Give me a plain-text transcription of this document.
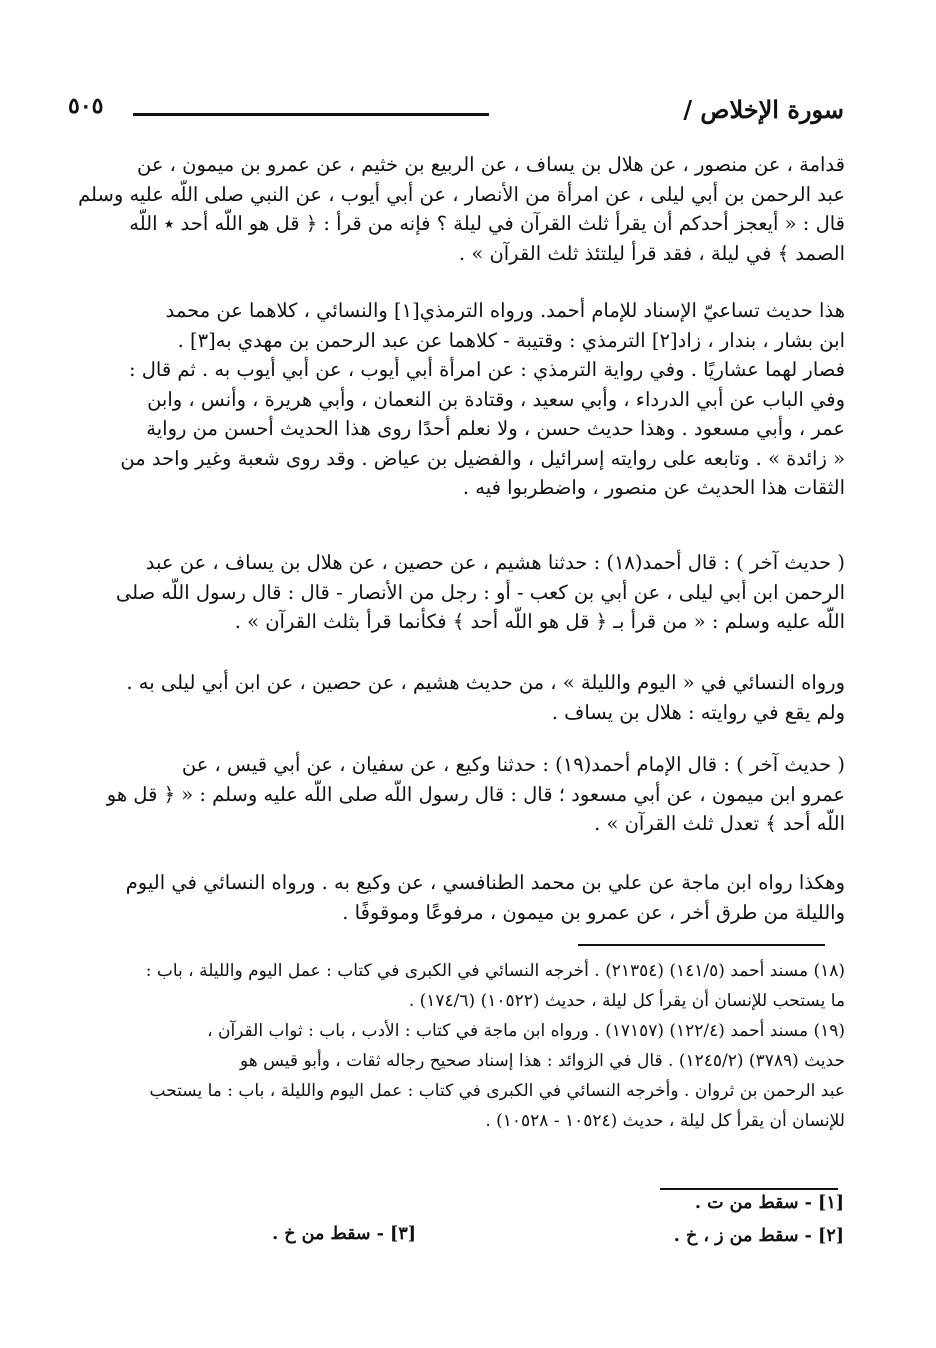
سورة الإخلاص /
٥٠٥
قدامة ، عن منصور ، عن هلال بن يساف ، عن الربيع بن خثيم ، عن عمرو بن ميمون ، عن
عبد الرحمن بن أبي ليلى ، عن امرأة من الأنصار ، عن أبي أيوب ، عن النبي صلى اللّه عليه وسلم
قال : « أيعجز أحدكم أن يقرأ ثلث القرآن في ليلة ؟ فإنه من قرأ : ﴿ قل هو اللّه أحد ٭ اللّه
الصمد ﴾ في ليلة ، فقد قرأ ليلتئذ ثلث القرآن » .
هذا حديث تساعيّ الإسناد للإمام أحمد. ورواه الترمذي[١] والنسائي ، كلاهما عن محمد
ابن بشار ، بندار ، زاد[٢] الترمذي : وقتيبة - كلاهما عن عبد الرحمن بن مهدي به[٣] .
فصار لهما عشاريًا . وفي رواية الترمذي : عن امرأة أبي أيوب ، عن أبي أيوب به . ثم قال :
وفي الباب عن أبي الدرداء ، وأبي سعيد ، وقتادة بن النعمان ، وأبي هريرة ، وأنس ، وابن
عمر ، وأبي مسعود . وهذا حديث حسن ، ولا نعلم أحدًا روى هذا الحديث أحسن من رواية
« زائدة » . وتابعه على روايته إسرائيل ، والفضيل بن عياض . وقد روى شعبة وغير واحد من
الثقات هذا الحديث عن منصور ، واضطربوا فيه .
( حديث آخر ) : قال أحمد(١٨) : حدثنا هشيم ، عن حصين ، عن هلال بن يساف ، عن عبد
الرحمن ابن أبي ليلى ، عن أبي بن كعب - أو : رجل من الأنصار - قال : قال رسول اللّه صلى
اللّه عليه وسلم : « من قرأ بـ ﴿ قل هو اللّه أحد ﴾ فكأنما قرأ بثلث القرآن » .
ورواه النسائي في « اليوم والليلة » ، من حديث هشيم ، عن حصين ، عن ابن أبي ليلى به .
ولم يقع في روايته : هلال بن يساف .
( حديث آخر ) : قال الإمام أحمد(١٩) : حدثنا وكيع ، عن سفيان ، عن أبي قيس ، عن
عمرو ابن ميمون ، عن أبي مسعود ؛ قال : قال رسول اللّه صلى اللّه عليه وسلم : « ﴿ قل هو
اللّه أحد ﴾ تعدل ثلث القرآن » .
وهكذا رواه ابن ماجة عن علي بن محمد الطنافسي ، عن وكيع به . ورواه النسائي في اليوم
والليلة من طرق أخر ، عن عمرو بن ميمون ، مرفوعًا وموقوفًا .
(١٨) مسند أحمد (١٤١/٥) (٢١٣٥٤) . أخرجه النسائي في الكبرى في كتاب : عمل اليوم والليلة ، باب :
ما يستحب للإنسان أن يقرأ كل ليلة ، حديث (١٠٥٢٢) (١٧٤/٦) .
(١٩) مسند أحمد (١٢٢/٤) (١٧١٥٧) . ورواه ابن ماجة في كتاب : الأدب ، باب : ثواب القرآن ،
حديث (٣٧٨٩) (١٢٤٥/٢) . قال في الزوائد : هذا إسناد صحيح رجاله ثقات ، وأبو قيس هو
عبد الرحمن بن ثروان . وأخرجه النسائي في الكبرى في كتاب : عمل اليوم والليلة ، باب : ما يستحب
للإنسان أن يقرأ كل ليلة ، حديث (١٠٥٢٤ - ١٠٥٢٨) .
[١] - سقط من ت .
[٢] - سقط من ز ، خ .
[٣] - سقط من خ .
